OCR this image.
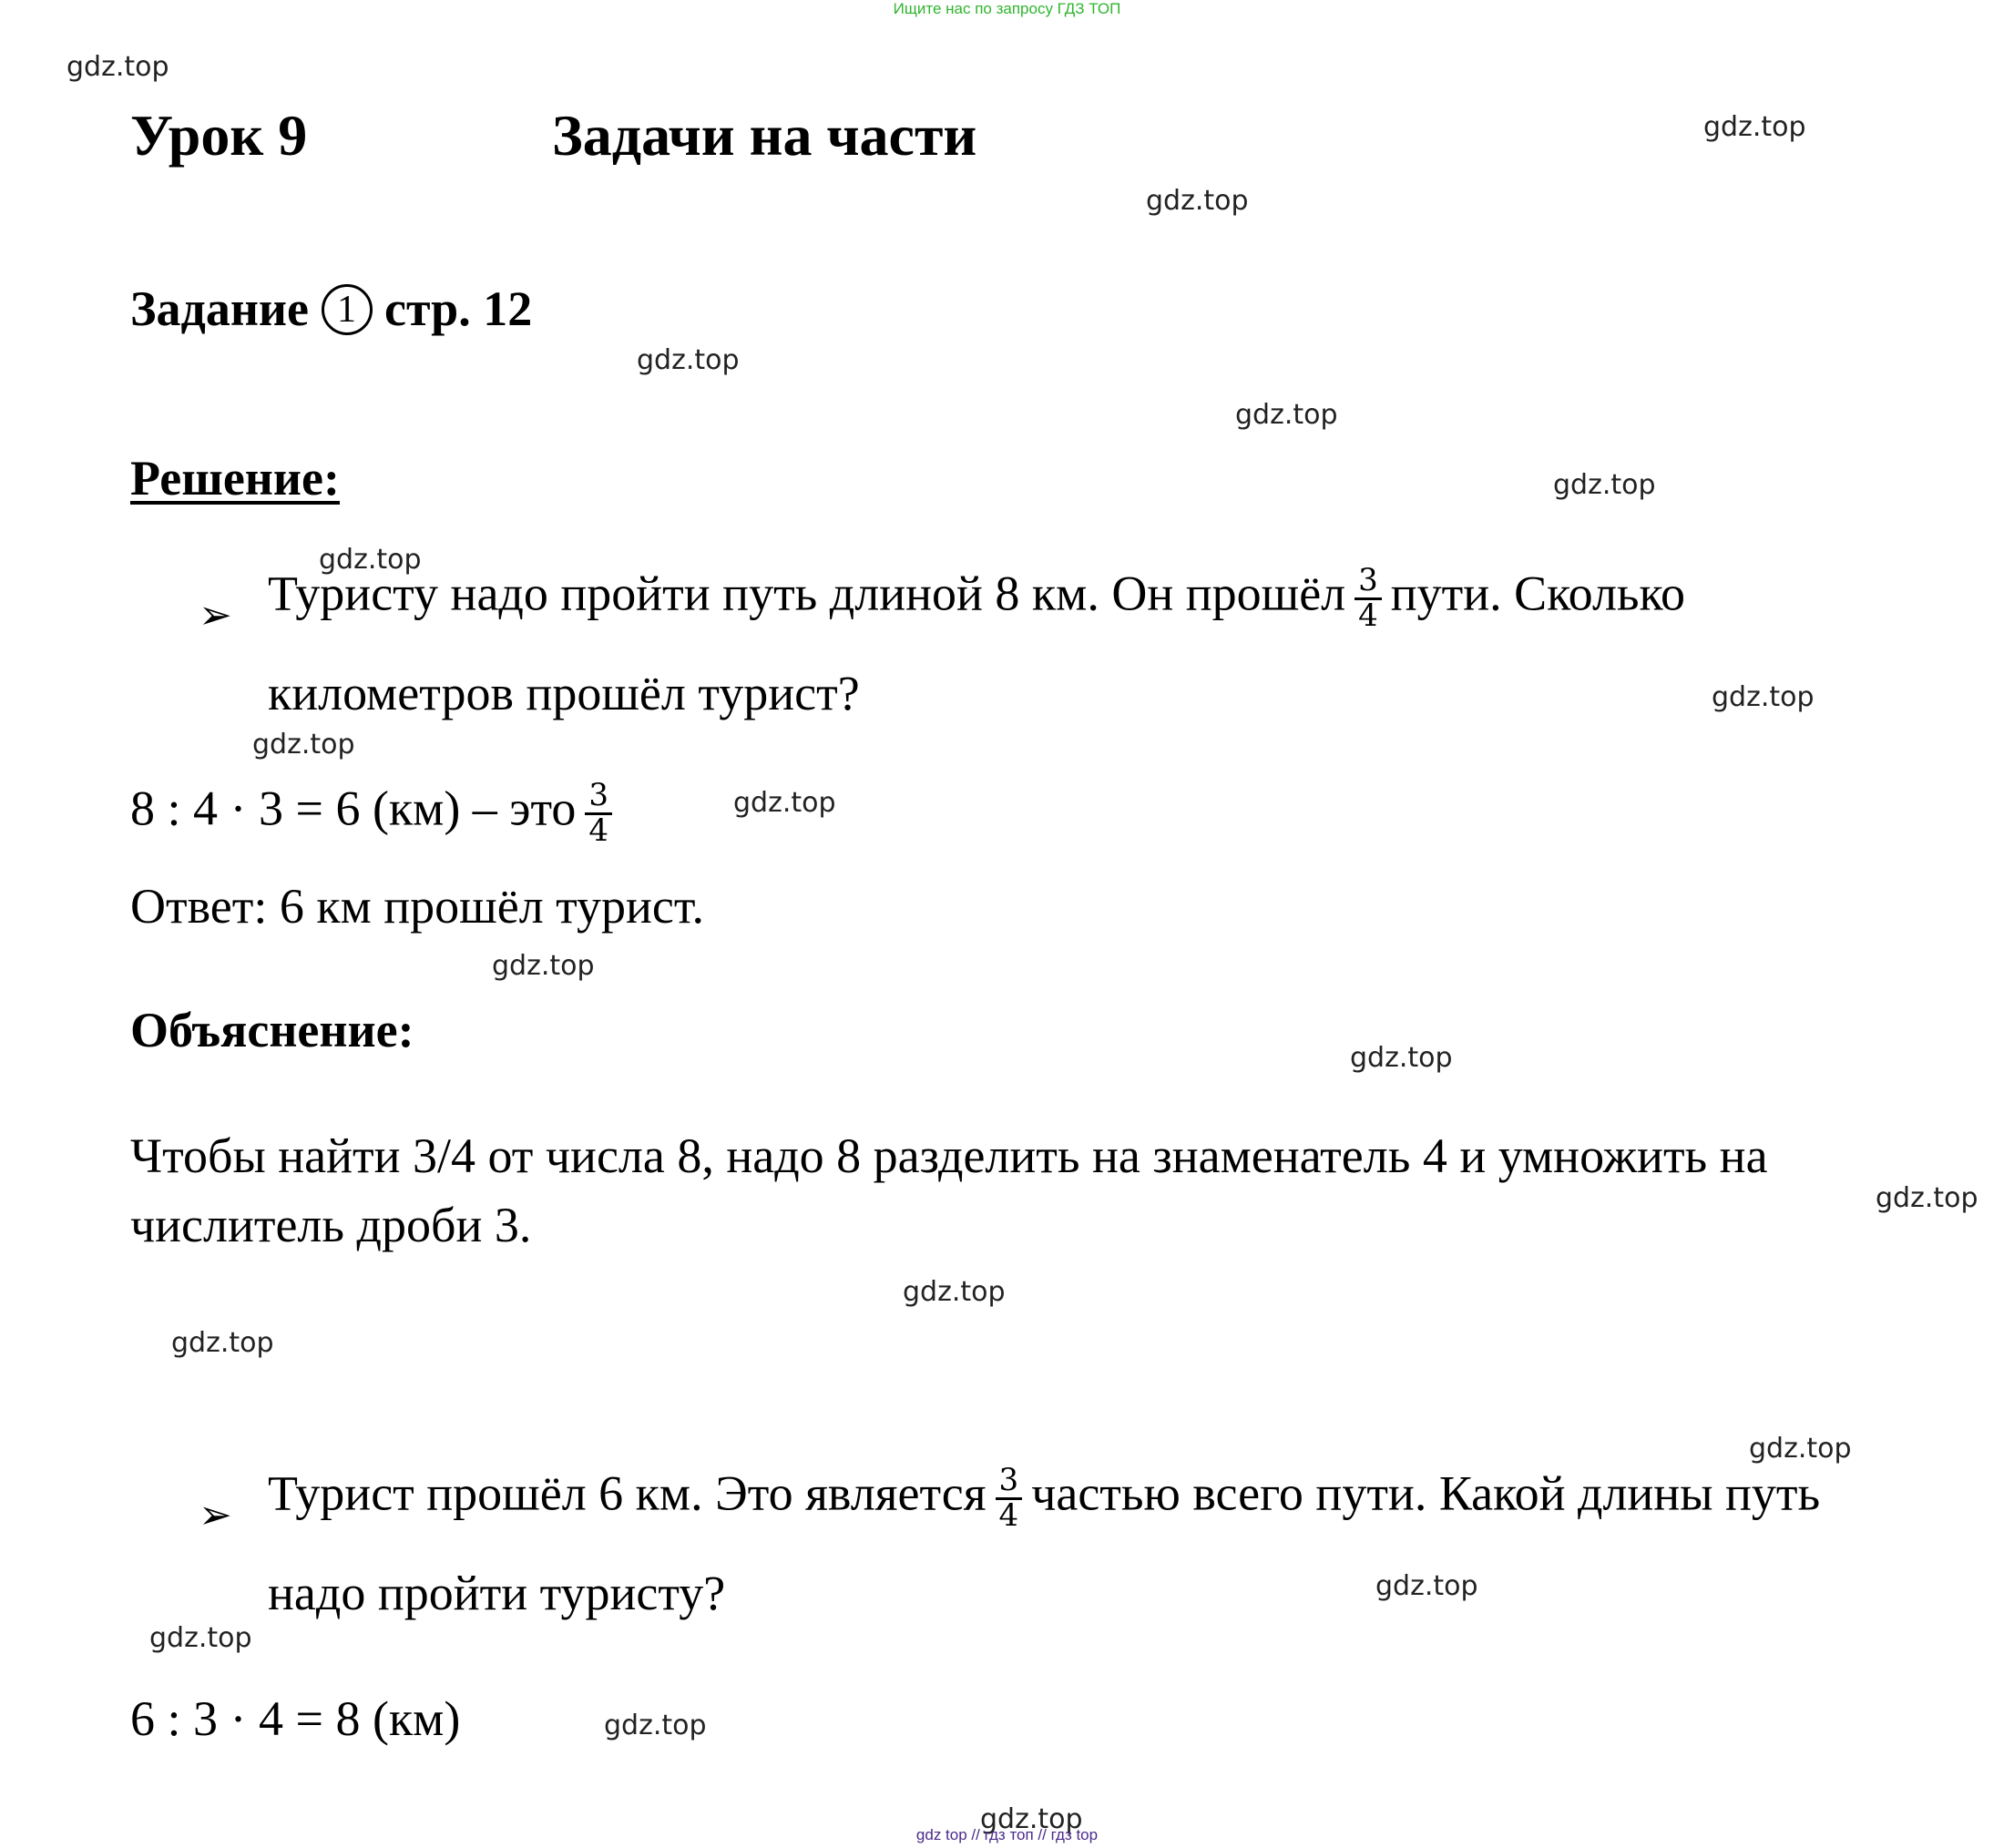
Ищите нас по запросу ГДЗ ТОП
gdz.top
gdz.top
gdz.top
gdz.top
gdz.top
gdz.top
gdz.top
gdz.top
gdz.top
gdz.top
gdz.top
gdz.top
gdz.top
gdz.top
gdz.top
gdz.top
gdz.top
gdz.top
gdz.top
gdz.top
Урок 9	Задачи на части
Задание 1 стр. 12
Решение:
➢ Туристу надо пройти путь длиной 8 км. Он прошёл $\frac{3}{4}$ пути. Сколько
километров прошёл турист?
8 : 4 · 3 = 6 (км) – это $\frac{3}{4}$
Ответ: 6 км прошёл турист.
Объяснение:
Чтобы найти 3/4 от числа 8, надо 8 разделить на знаменатель 4 и умножить на
числитель дроби 3.
➢ Турист прошёл 6 км. Это является $\frac{3}{4}$ частью всего пути. Какой длины путь
надо пройти туристу?
6 : 3 · 4 = 8 (км)
gdz top // гдз топ // гдз top
